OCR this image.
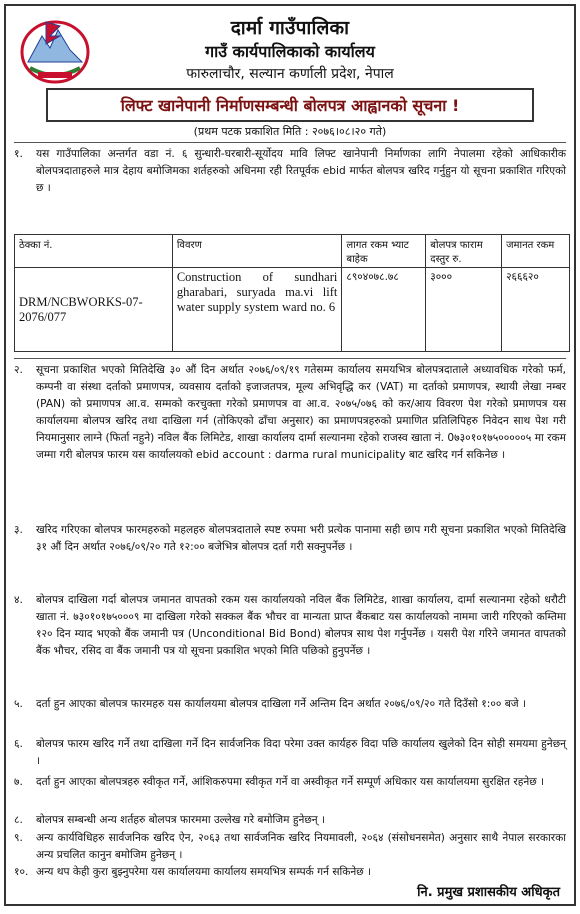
दार्मा गाउँपालिका
गाउँ कार्यपालिकाको कार्यालय
फारुलाचौर, सल्यान कर्णाली प्रदेश, नेपाल
लिफ्ट खानेपानी निर्माणसम्बन्धी बोलपत्र आह्वानको सूचना !
(प्रथम पटक प्रकाशित मिति : २०७६।०८।२० गते)
१.	यस गाउँपालिका अन्तर्गत वडा नं. ६ सुन्धारी-घरबारी-सूर्योदय मावि लिफ्ट खानेपानी निर्माणका लागि नेपालमा रहेको आधिकारीक बोलपत्रदाताहरुले मात्र देहाय बमोजिमका शर्तहरुको अधिनमा रही रितपूर्वक ebid मार्फत बोलपत्र खरिद गर्नुहुन यो सूचना प्रकाशित गरिएको छ ।
ठेक्का नं.	विवरण	लागत रकम भ्याट बाहेक	बोलपत्र फाराम दस्तुर रु.	जमानत रकम
DRM/NCBWORKS-07-2076/077	Construction of sundhari gharabari, suryada ma.vi lift water supply system ward no. 6	८९०४०७८.७८	३०००	२६६६२०
२.	सूचना प्रकाशित भएको मितिदेखि ३० औं दिन अर्थात २०७६/०९/१९ गतेसम्म कार्यालय समयभित्र बोलपत्रदाताले अध्यावधिक गरेको फर्म, कम्पनी वा संस्था दर्ताको प्रमाणपत्र, व्यवसाय दर्ताको इजाजतपत्र, मूल्य अभिवृद्धि कर (VAT) मा दर्ताको प्रमाणपत्र, स्थायी लेखा नम्बर (PAN) को प्रमाणपत्र आ.व. सम्मको करचुक्ता गरेको प्रमाणपत्र वा आ.व. २०७५/०७६ को कर/आय विवरण पेश गरेको प्रमाणपत्र यस कार्यालयमा बोलपत्र खरिद तथा दाखिला गर्न (तोकिएको ढाँचा अनुसार) का प्रमाणपत्रहरुको प्रमाणित प्रतिलिपिहरु निवेदन साथ पेश गरी नियमानुसार लाग्ने (फिर्ता नहुने) नविल बैंक लिमिटेड, शाखा कार्यालय दार्मा सल्यानमा रहेको राजस्व खाता नं. 0७३०१०१७५०००००५ मा रकम जम्मा गरी बोलपत्र फारम यस कार्यालयको ebid account : darma rural municipality बाट खरिद गर्न सकिनेछ ।
३.	खरिद गरिएका बोलपत्र फारमहरुको महलहरु बोलपत्रदाताले स्पष्ट रुपमा भरी प्रत्येक पानामा सही छाप गरी सूचना प्रकाशित भएको मितिदेखि ३१ औं दिन अर्थात २०७६/०९/२० गते १२:०० बजेभित्र बोलपत्र दर्ता गरी सक्नुपर्नेछ ।
४.	बोलपत्र दाखिला गर्दा बोलपत्र जमानत वापतको रकम यस कार्यालयको नविल बैंक लिमिटेड, शाखा कार्यालय, दार्मा सल्यानमा रहेको धरौटी खाता नं. ७३०१०१७५०००९ मा दाखिला गरेको सक्कल बैंक भौचर वा मान्यता प्राप्त बैंकबाट यस कार्यालयको नाममा जारी गरिएको कम्तिमा १२० दिन म्याद भएको बैंक जमानी पत्र (Unconditional Bid Bond) बोलपत्र साथ पेश गर्नुपर्नेछ । यसरी पेश गरिने जमानत वापतको बैंक भौचर, रसिद वा बैंक जमानी पत्र यो सूचना प्रकाशित भएको मिति पछिको हुनुपर्नेछ ।
५.	दर्ता हुन आएका बोलपत्र फारमहरु यस कार्यालयमा बोलपत्र दाखिला गर्ने अन्तिम दिन अर्थात २०७६/०९/२० गते दिउँसो १:०० बजे ।
६.	बोलपत्र फारम खरिद गर्ने तथा दाखिला गर्ने दिन सार्वजनिक विदा परेमा उक्त कार्यहरु विदा पछि कार्यालय खुलेको दिन सोही समयमा हुनेछन् ।
७.	दर्ता हुन आएका बोलपत्रहरु स्वीकृत गर्ने, आंशिकरुपमा स्वीकृत गर्ने वा अस्वीकृत गर्ने सम्पूर्ण अधिकार यस कार्यालयमा सुरक्षित रहनेछ ।
८.	बोलपत्र सम्बन्धी अन्य शर्तहरु बोलपत्र फारममा उल्लेख गरे बमोजिम हुनेछन् ।
९.	अन्य कार्यविधिहरु सार्वजनिक खरिद ऐन, २०६३ तथा सार्वजनिक खरिद नियमावली, २०६४ (संसोधनसमेत) अनुसार साथै नेपाल सरकारका अन्य प्रचलित कानुन बमोजिम हुनेछन् ।
१०. अन्य थप केही कुरा बुझ्नुपरेमा यस कार्यालयमा कार्यालय समयभित्र सम्पर्क गर्न सकिनेछ ।
नि. प्रमुख प्रशासकीय अधिकृत
